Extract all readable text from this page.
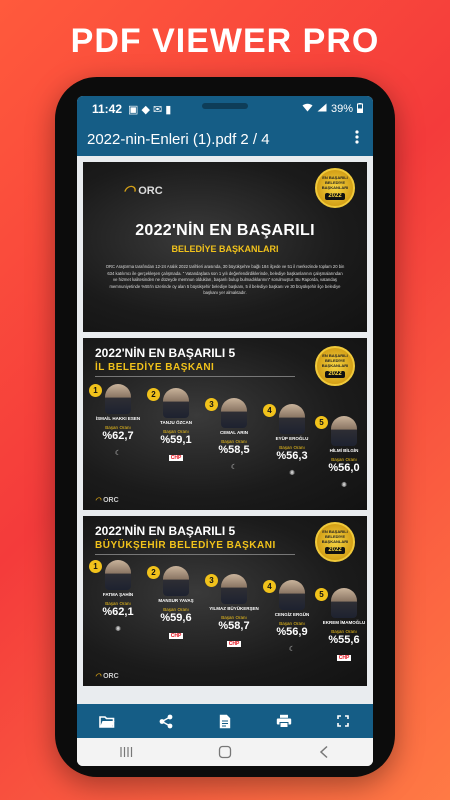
PDF VIEWER PRO
11:42 ▣ ◆ ✉ ▮	39%
2022-nin-Enleri (1).pdf 2 / 4
◠ ORC
EN BAŞARILI
BELEDİYE
BAŞKANLARI
2022
2022'NİN EN BAŞARILI
BELEDİYE BAŞKANLARI
ORC Araştırma tarafından 12-24 Aralık 2022 tarihleri arasında, 30 büyükşehre bağlı 184 ilçede ve 51 il merkezinde toplam 20 bin 634 katılımcı ile gerçekleşen çalışmada. " Vatandaşlara son 1 yılı değerlendirdiklerinde, belediye başkanlarının çalışmalarından ve hizmet kalitesinden ne düzeyde memnun oldukları, başarılı bulup bulmadıklarının" sorulmuştur. Bu Raporda, vatandaş memnuniyetinde %55'in üzerinde oy alan 5 büyükşehir belediye başkanı, 5 il belediye başkanı ve 30 büyükşehir ilçe belediye başkanı yer almaktadır.
2022'NİN EN BAŞARILI 5
İL BELEDİYE BAŞKANI
EN BAŞARILI
BELEDİYE
BAŞKANLARI
2022
1
İSMAİL HAKKI ESEN
Başarı Oranı
%62,7
☾
2
TANJU ÖZCAN
Başarı Oranı
%59,1
CHP
3
CEMAL ARIN
Başarı Oranı
%58,5
☾
4
EYÜP EROĞLU
Başarı Oranı
%56,3
✺
5
HİLMİ BİLGİN
Başarı Oranı
%56,0
✺
◠ ORC
2022'NİN EN BAŞARILI 5
BÜYÜKŞEHİR BELEDİYE BAŞKANI
EN BAŞARILI
BELEDİYE
BAŞKANLARI
2022
1
FATMA ŞAHİN
Başarı Oranı
%62,1
✺
2
MANSUR YAVAŞ
Başarı Oranı
%59,6
CHP
3
YILMAZ BÜYÜKERŞEN
Başarı Oranı
%58,7
CHP
4
CENGİZ ERGÜN
Başarı Oranı
%56,9
☾
5
EKREM İMAMOĞLU
Başarı Oranı
%55,6
CHP
◠ ORC
